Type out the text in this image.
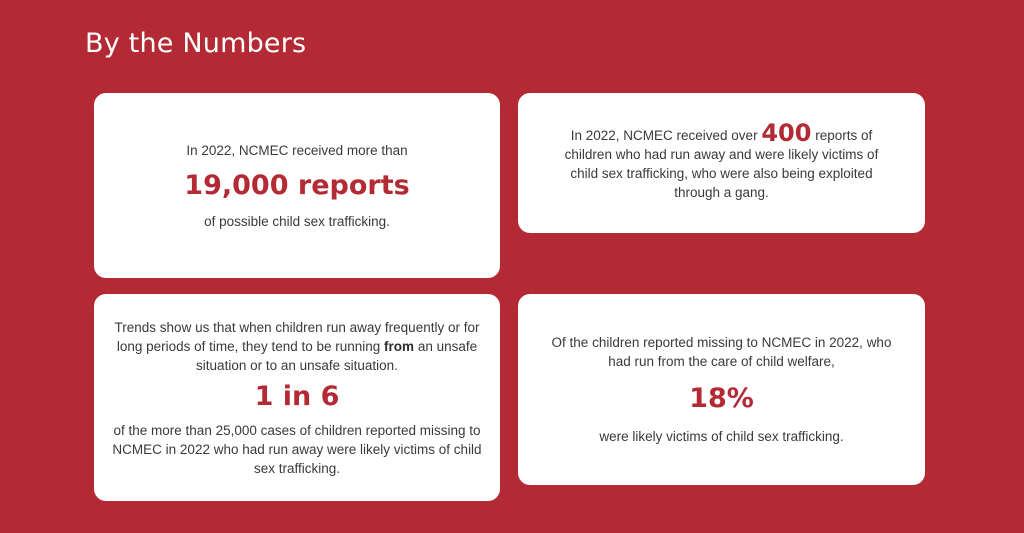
By the Numbers

In 2022, NCMEC received more than

19,000 reports

of possible child sex trafficking.

In 2022, NCMEC received over 400 reports of children who had run away and were likely victims of child sex trafficking, who were also being exploited through a gang.

Trends show us that when children run away frequently or for long periods of time, they tend to be running from an unsafe situation or to an unsafe situation.

1 in 6

of the more than 25,000 cases of children reported missing to NCMEC in 2022 who had run away were likely victims of child sex trafficking.

Of the children reported missing to NCMEC in 2022, who had run from the care of child welfare,

18%

were likely victims of child sex trafficking.
